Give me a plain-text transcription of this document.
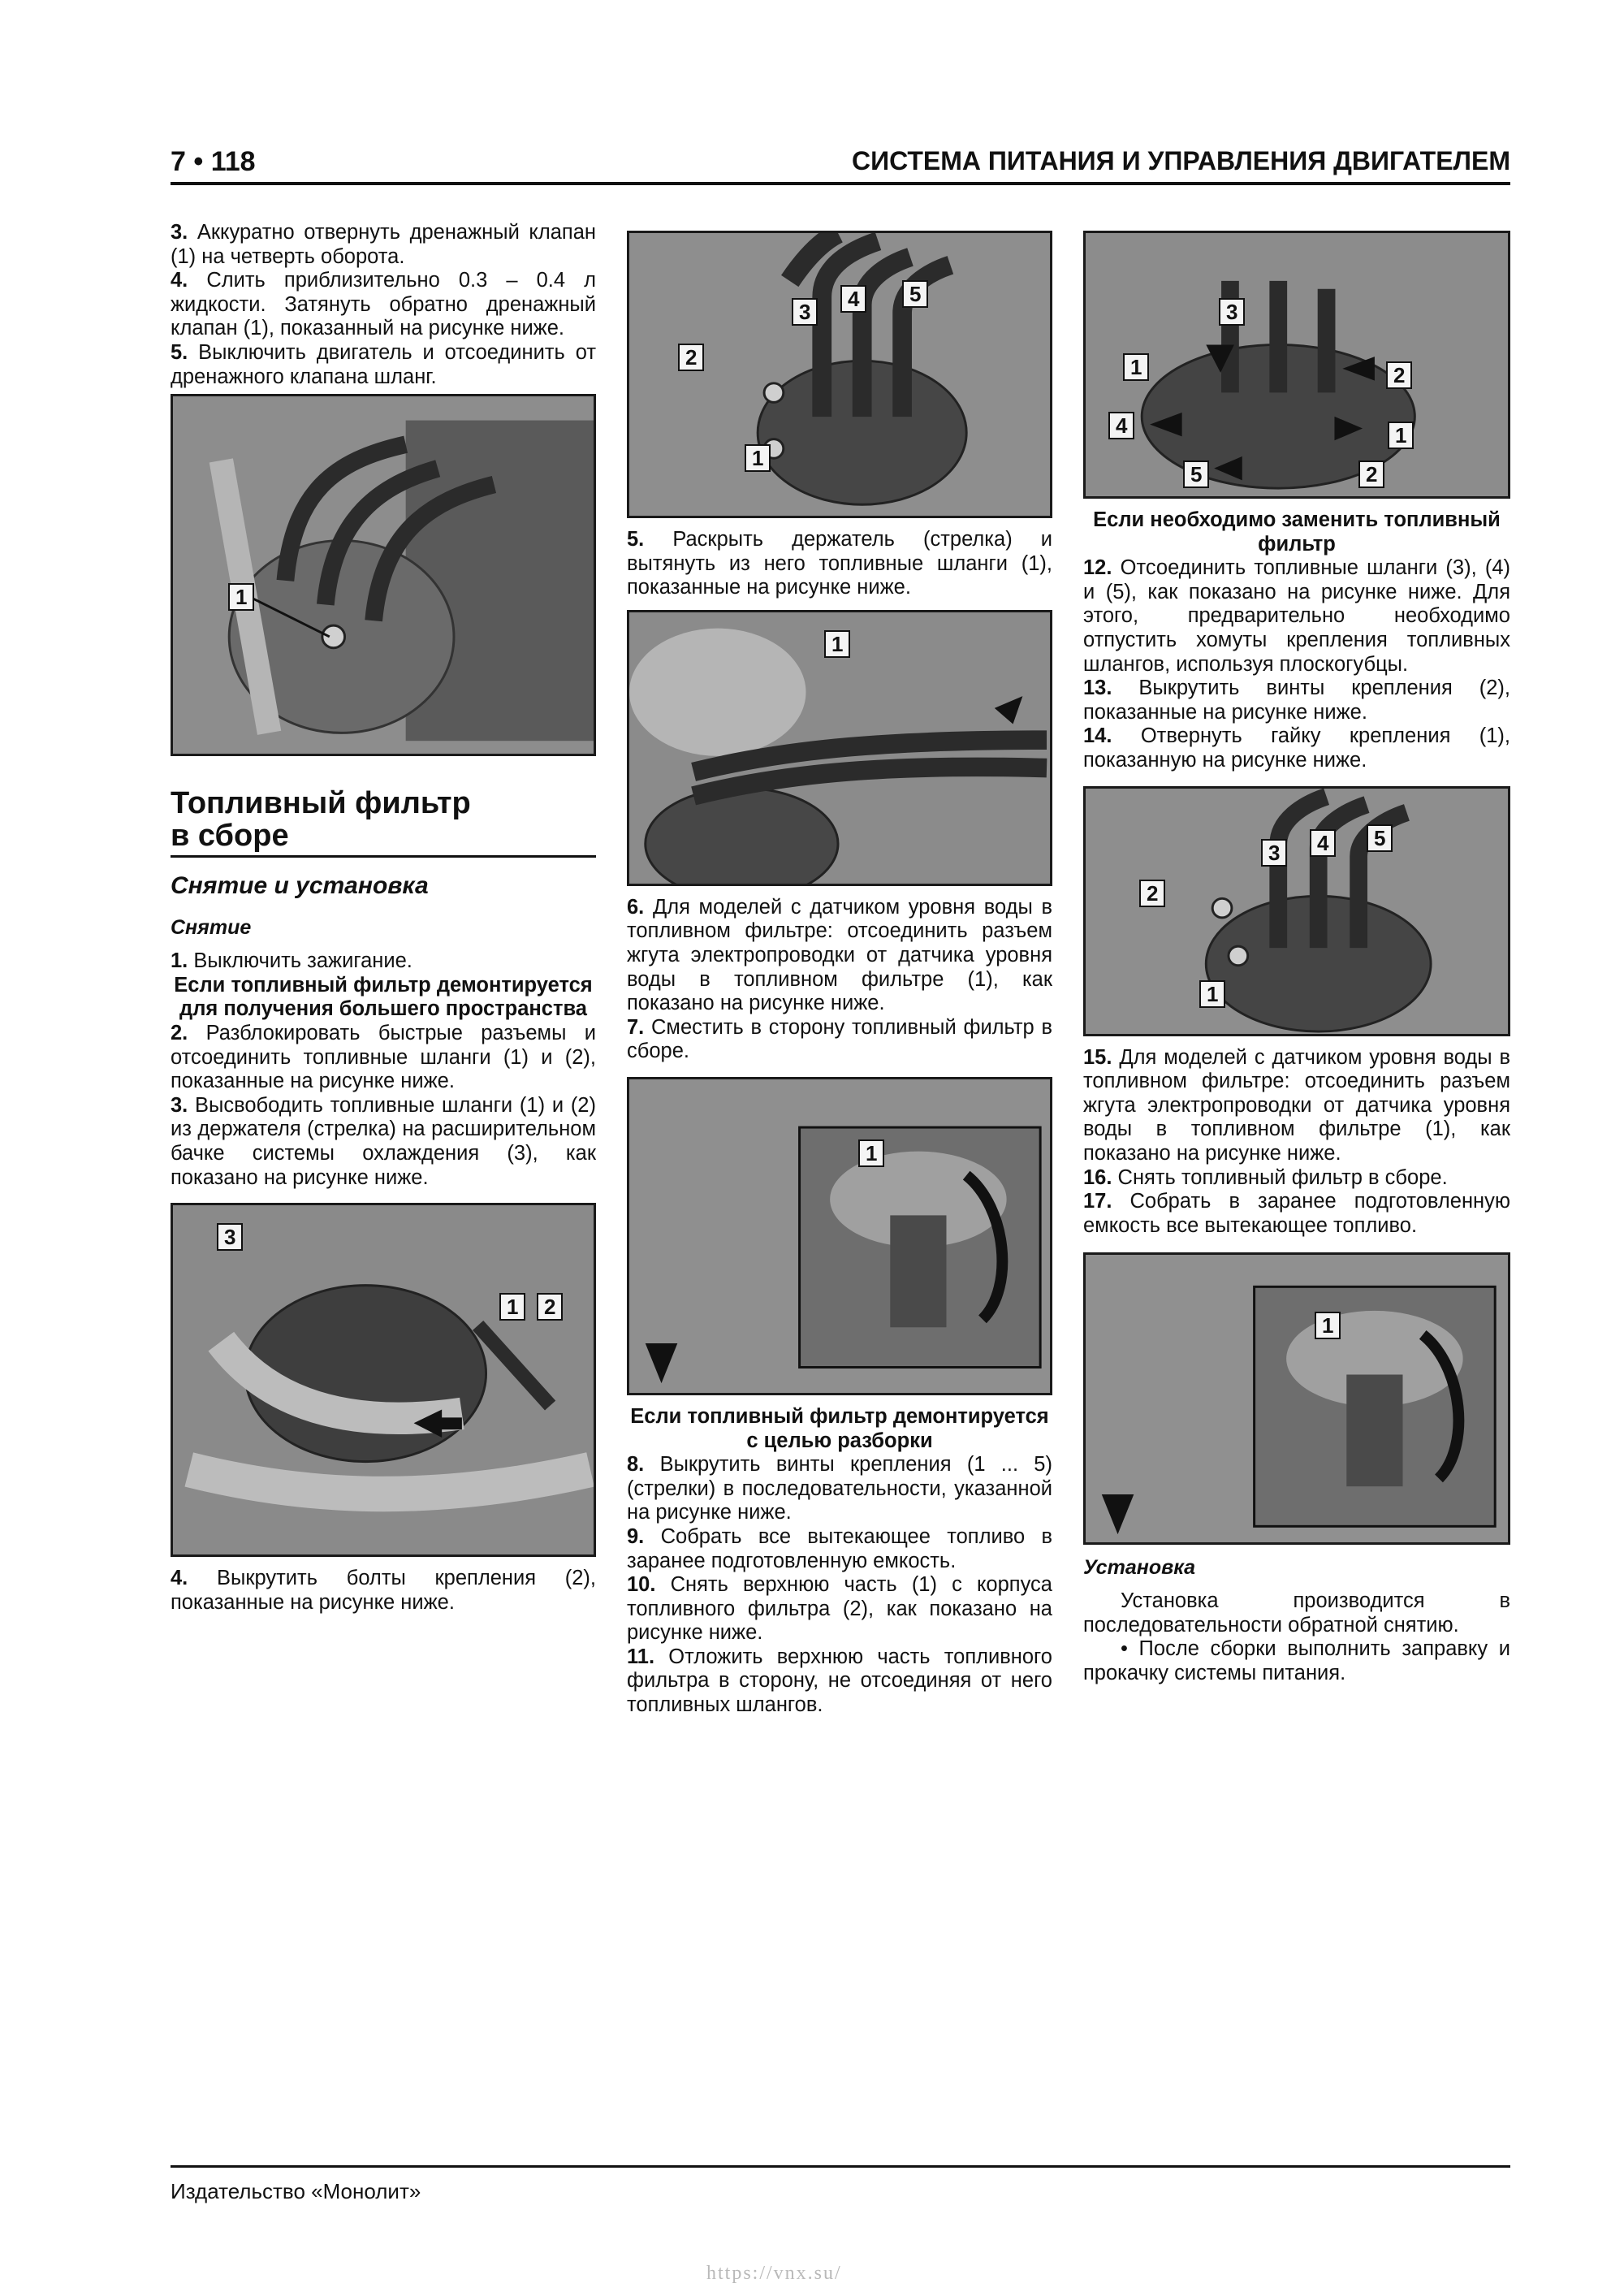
7 • 118	СИСТЕМА ПИТАНИЯ И УПРАВЛЕНИЯ ДВИГАТЕЛЕМ

3. Аккуратно отвернуть дренажный клапан (1) на четверть оборота.

4. Слить приблизительно 0.3 – 0.4 л жидкости. Затянуть обратно дренажный клапан (1), показанный на рисунке ниже.

5. Выключить двигатель и отсоединить от дренажного клапана шланг.

1
Топливный фильтр
в сборе
Снятие и установка
Снятие

1. Выключить зажигание.

Если топливный фильтр демонтируется для получения большего пространства

2. Разблокировать быстрые разъемы и отсоединить топливные шланги (1) и (2), показанные на рисунке ниже.

3. Высвободить топливные шланги (1) и (2) из держателя (стрелка) на расширительном бачке системы охлаждения (3), как показано на рисунке ниже.

3
1	2

4. Выкрутить болты крепления (2), показанные на рисунке ниже.

2
3
4	5
1

5. Раскрыть держатель (стрелка) и вытянуть из него топливные шланги (1), показанные на рисунке ниже.

1

6. Для моделей с датчиком уровня воды в топливном фильтре: отсоединить разъем жгута электропроводки от датчика уровня воды в топливном фильтре (1), как показано на рисунке ниже.

7. Сместить в сторону топливный фильтр в сборе.

1

Если топливный фильтр демонтируется с целью разборки

8. Выкрутить винты крепления (1 ... 5) (стрелки) в последовательности, указанной на рисунке ниже.

9. Собрать все вытекающее топливо в заранее подготовленную емкость.

10. Снять верхнюю часть (1) с корпуса топливного фильтра (2), как показано на рисунке ниже.

11. Отложить верхнюю часть топливного фильтра в сторону, не отсоединяя от него топливных шлангов.

3
1	2
4	1
5	2

Если необходимо заменить топливный фильтр

12. Отсоединить топливные шланги (3), (4) и (5), как показано на рисунке ниже. Для этого, предварительно необходимо отпустить хомуты крепления топливных шлангов, используя плоскогубцы.

13. Выкрутить винты крепления (2), показанные на рисунке ниже.

14. Отвернуть гайку крепления (1), показанную на рисунке ниже.

2
3	4	5
1

15. Для моделей с датчиком уровня воды в топливном фильтре: отсоединить разъем жгута электропроводки от датчика уровня воды в топливном фильтре (1), как показано на рисунке ниже.

16. Снять топливный фильтр в сборе.

17. Собрать в заранее подготовленную емкость все вытекающее топливо.

1
Установка

Установка производится в последовательности обратной снятию.

• После сборки выполнить заправку и прокачку системы питания.

Издательство «Монолит»
https://vnx.su/
